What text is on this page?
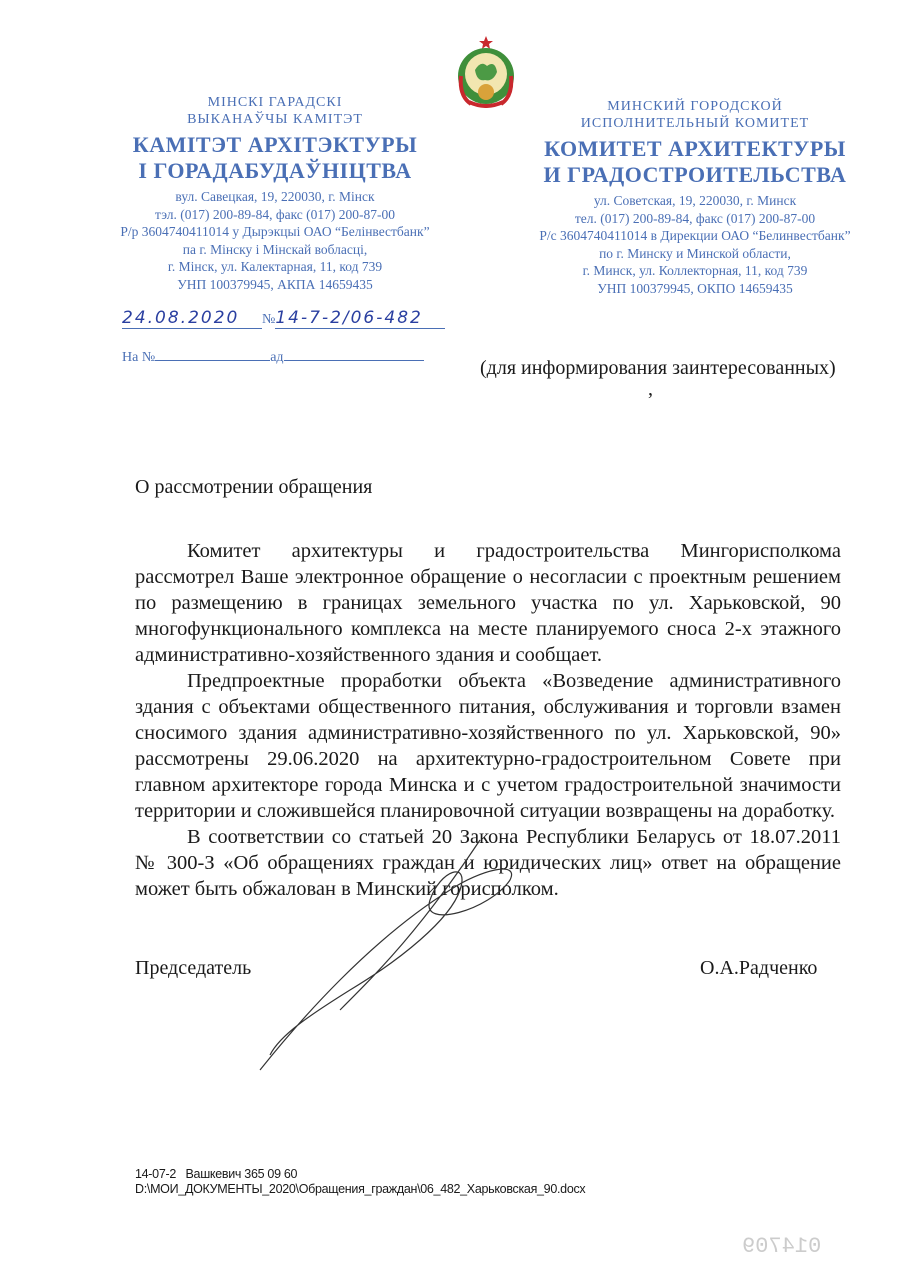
МІНСКІ ГАРАДСКІ
ВЫКАНАЎЧЫ КАМІТЭТ
КАМІТЭТ АРХІТЭКТУРЫ
І ГОРАДАБУДАЎНІЦТВА
вул. Савецкая, 19, 220030, г. Мінск
тэл. (017) 200-89-84, факс (017) 200-87-00
Р/р 3604740411014 у Дырэкцыі ОАО “Белінвестбанк”
па г. Мінску і Мінскай вобласці,
г. Мінск, ул. Калектарная, 11, код 739
УНП 100379945, АКПА 14659435
МИНСКИЙ ГОРОДСКОЙ
ИСПОЛНИТЕЛЬНЫЙ КОМИТЕТ
КОМИТЕТ АРХИТЕКТУРЫ
И ГРАДОСТРОИТЕЛЬСТВА
ул. Советская, 19, 220030, г. Минск
тел. (017) 200-89-84, факс (017) 200-87-00
Р/с 3604740411014 в Дирекции ОАО “Белинвестбанк”
по г. Минску и Минской области,
г. Минск, ул. Коллекторная, 11, код 739
УНП 100379945, ОКПО 14659435
24.08.2020 №14-7-2/06-482
На №	ад	(для информирования заинтересованных)
,
О рассмотрении обращения

Комитет архитектуры и градостроительства Мингорисполкома рассмотрел Ваше электронное обращение о несогласии с проектным решением по размещению в границах земельного участка по ул. Харьковской, 90 многофункционального комплекса на месте планируемого сноса 2-х этажного административно-хозяйственного здания и сообщает.

Предпроектные проработки объекта «Возведение административного здания с объектами общественного питания, обслуживания и торговли взамен сносимого здания административно-хозяйственного по ул. Харьковской, 90» рассмотрены 29.06.2020 на архитектурно-градостроительном Совете при главном архитекторе города Минска и с учетом градостроительной значимости территории и сложившейся планировочной ситуации возвращены на доработку.

В соответствии со статьей 20 Закона Республики Беларусь от 18.07.2011 № 300-З «Об обращениях граждан и юридических лиц» ответ на обращение может быть обжалован в Минский горисполком.

Председатель	О.А.Радченко
14-07-2   Вашкевич 365 09 60
D:\МОИ_ДОКУМЕНТЫ_2020\Обращения_граждан\06_482_Харьковская_90.docx
014709
